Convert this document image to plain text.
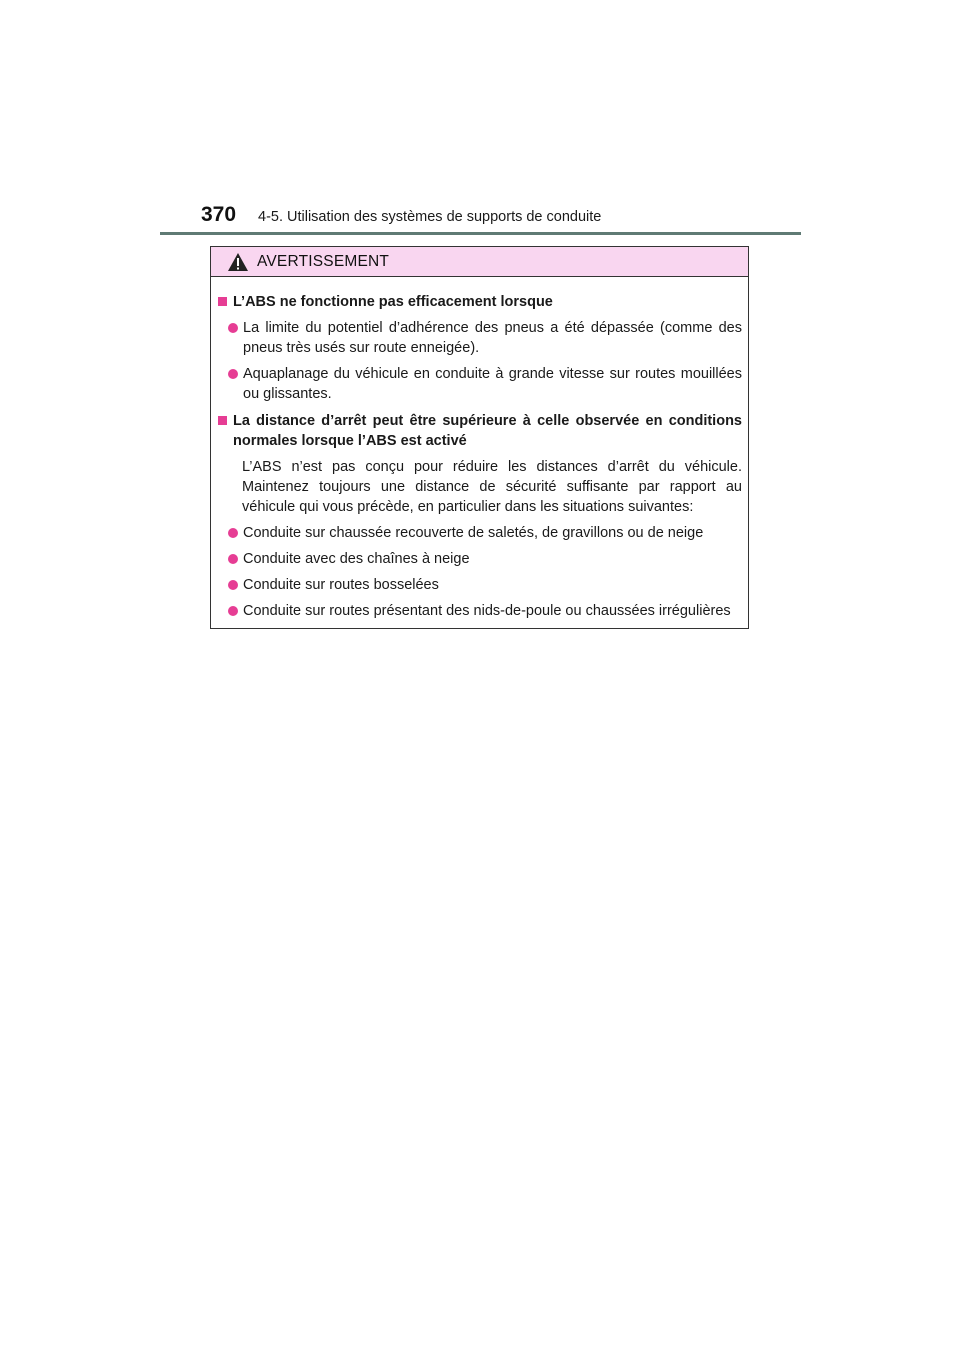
370 4-5. Utilisation des systèmes de supports de conduite
AVERTISSEMENT
L’ABS ne fonctionne pas efficacement lorsque
La limite du potentiel d’adhérence des pneus a été dépassée (comme des pneus très usés sur route enneigée).
Aquaplanage du véhicule en conduite à grande vitesse sur routes mouillées ou glissantes.
La distance d’arrêt peut être supérieure à celle observée en conditions normales lorsque l’ABS est activé
L’ABS n’est pas conçu pour réduire les distances d’arrêt du véhicule. Maintenez toujours une distance de sécurité suffisante par rapport au véhicule qui vous précède, en particulier dans les situations suivantes:
Conduite sur chaussée recouverte de saletés, de gravillons ou de neige
Conduite avec des chaînes à neige
Conduite sur routes bosselées
Conduite sur routes présentant des nids-de-poule ou chaussées irrégulières
